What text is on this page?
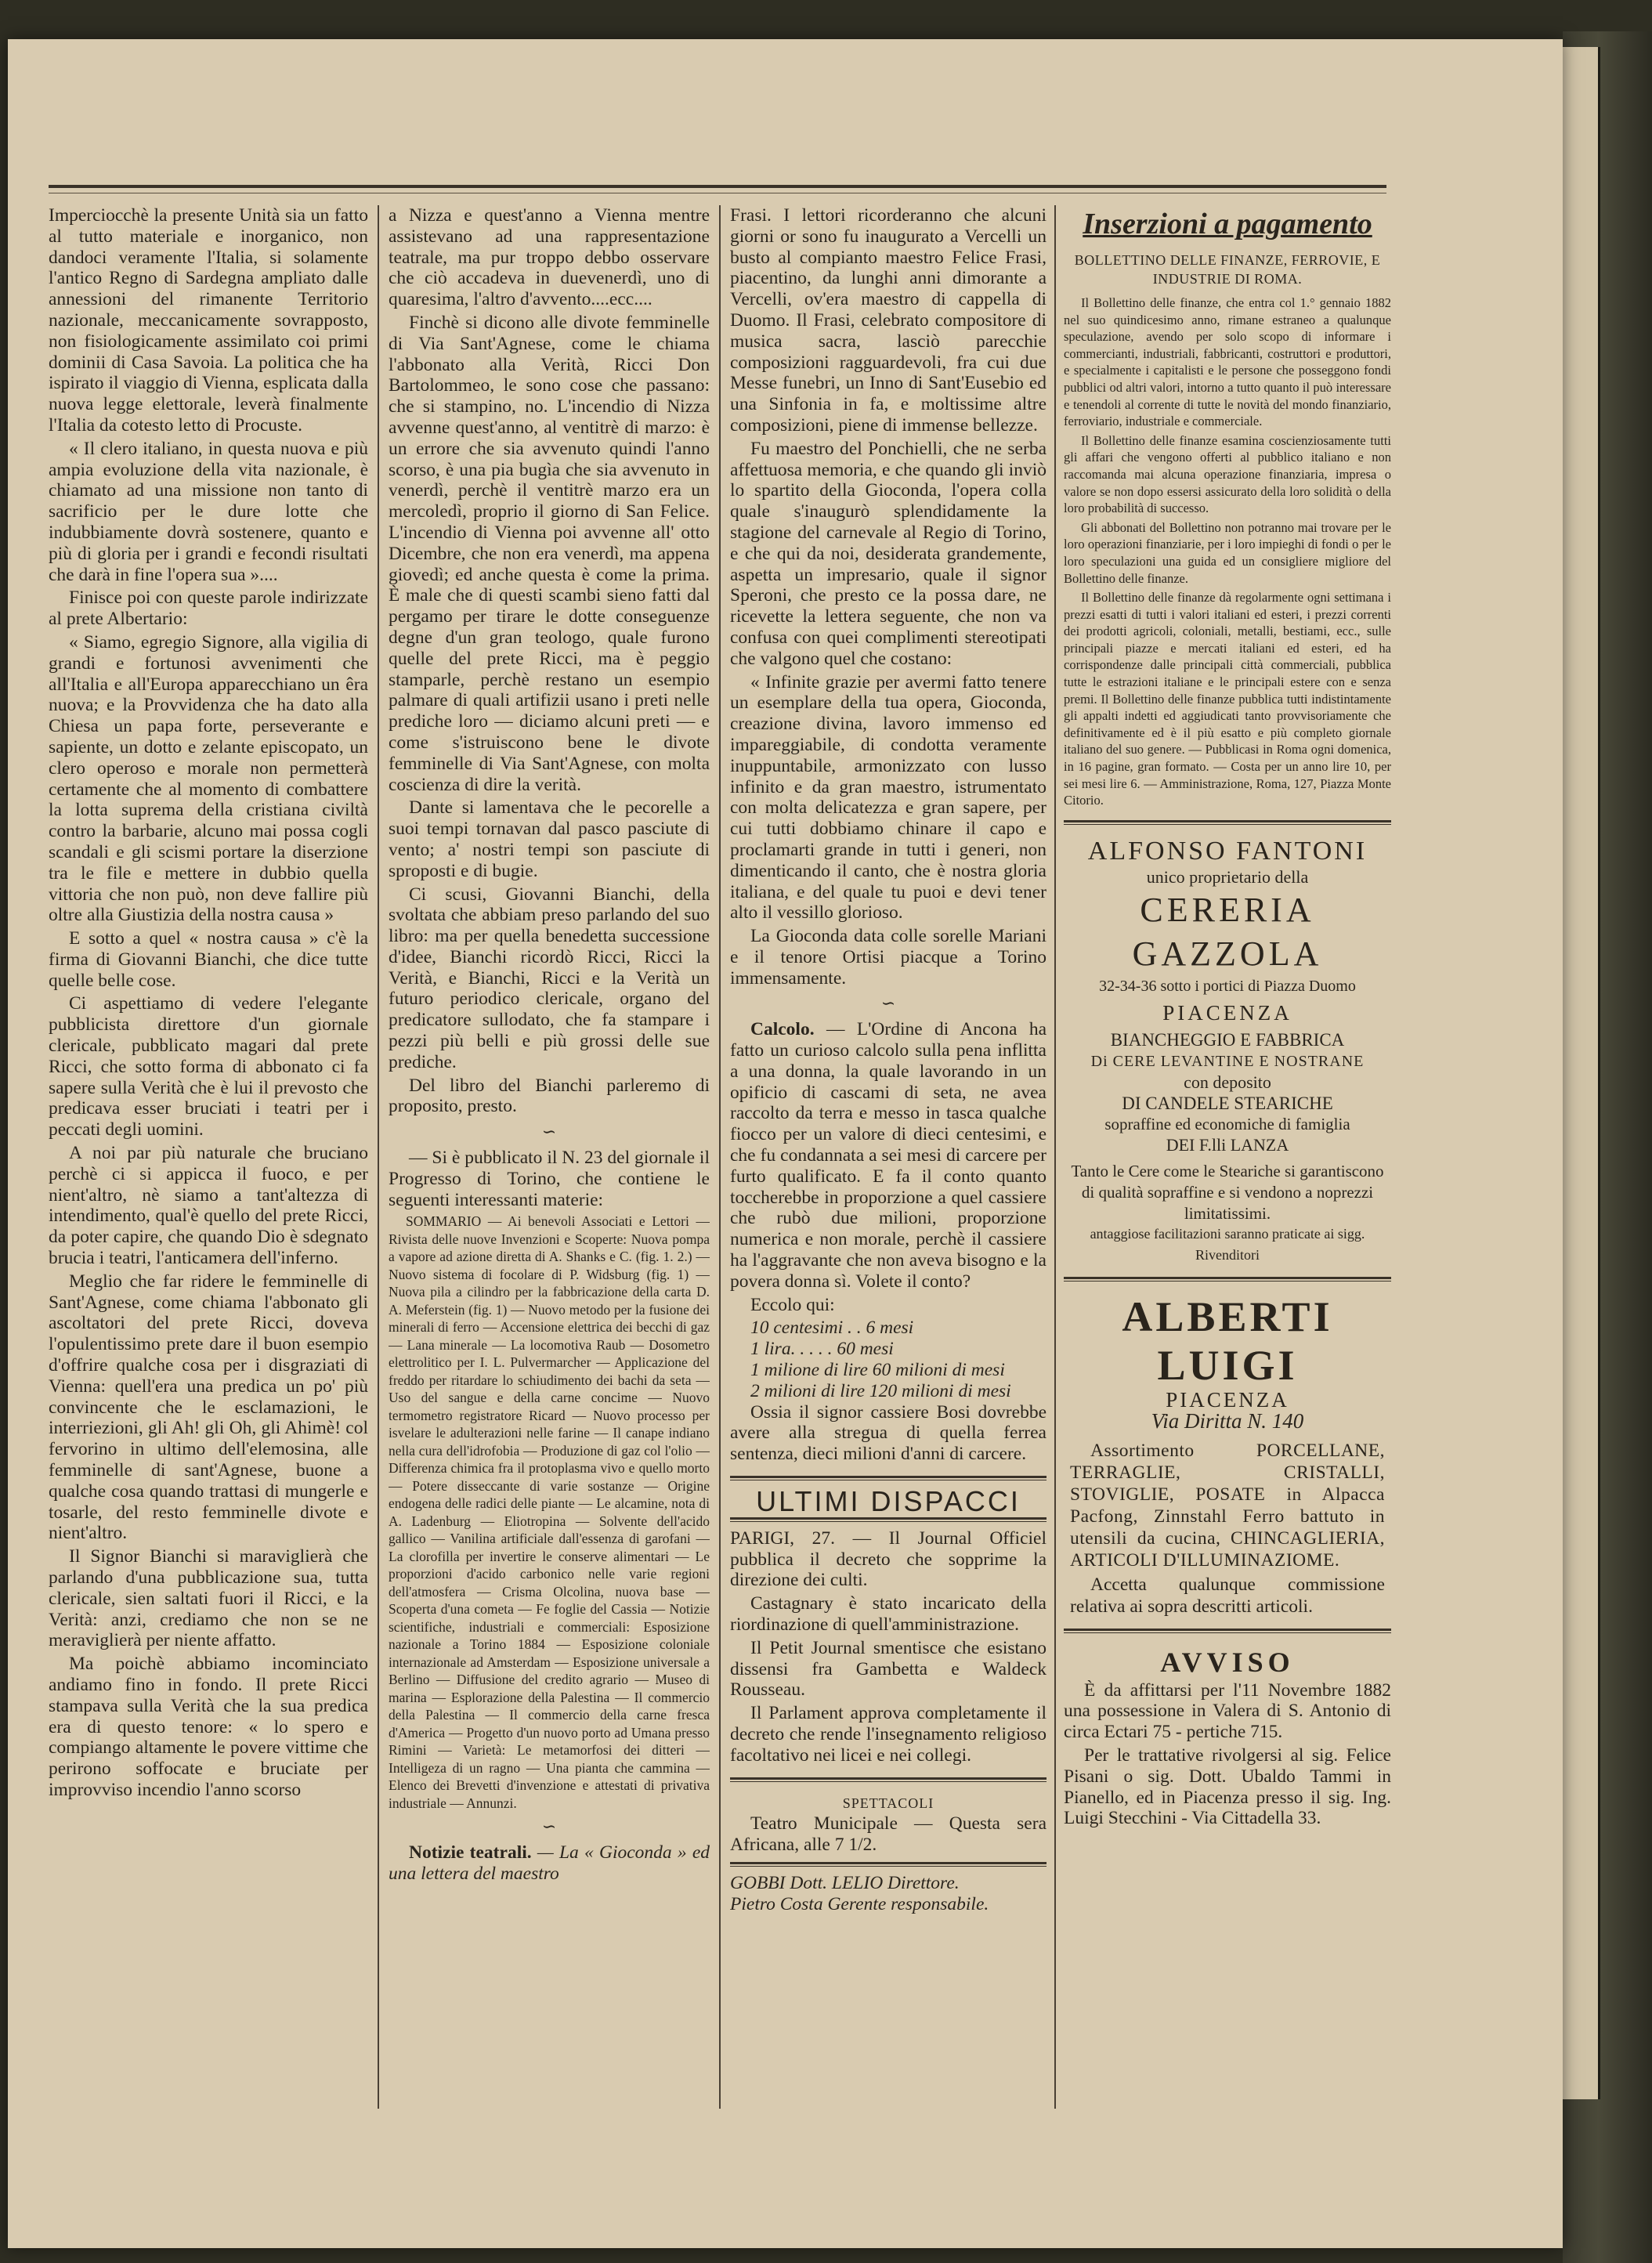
Imperciocchè la presente Unità sia un fatto al tutto materiale e inorganico, non dandoci veramente l'Italia, si solamente l'antico Regno di Sardegna ampliato dalle annessioni del rimanente Territorio nazionale, meccanicamente sovrapposto, non fisiologicamente assimilato coi primi dominii di Casa Savoia. La politica che ha ispirato il viaggio di Vienna, esplicata dalla nuova legge elettorale, leverà finalmente l'Italia da cotesto letto di Procuste.

« Il clero italiano, in questa nuova e più ampia evoluzione della vita nazionale, è chiamato ad una missione non tanto di sacrificio per le dure lotte che indubbiamente dovrà sostenere, quanto e più di gloria per i grandi e fecondi risultati che darà in fine l'opera sua »....

Finisce poi con queste parole indirizzate al prete Albertario:

« Siamo, egregio Signore, alla vigilia di grandi e fortunosi avvenimenti che all'Italia e all'Europa apparecchiano un êra nuova; e la Provvidenza che ha dato alla Chiesa un papa forte, perseverante e sapiente, un dotto e zelante episcopato, un clero operoso e morale non permetterà certamente che al momento di combattere la lotta suprema della cristiana civiltà contro la barbarie, alcuno mai possa cogli scandali e gli scismi portare la diserzione tra le file e mettere in dubbio quella vittoria che non può, non deve fallire più oltre alla Giustizia della nostra causa »

E sotto a quel « nostra causa » c'è la firma di Giovanni Bianchi, che dice tutte quelle belle cose.

Ci aspettiamo di vedere l'elegante pubblicista direttore d'un giornale clericale, pubblicato magari dal prete Ricci, che sotto forma di abbonato ci fa sapere sulla Verità che è lui il prevosto che predicava esser bruciati i teatri per i peccati degli uomini.

A noi par più naturale che bruciano perchè ci si appicca il fuoco, e per nient'altro, nè siamo a tant'altezza di intendimento, qual'è quello del prete Ricci, da poter capire, che quando Dio è sdegnato brucia i teatri, l'anticamera dell'inferno.

Meglio che far ridere le femminelle di Sant'Agnese, come chiama l'abbonato gli ascoltatori del prete Ricci, doveva l'opulentissimo prete dare il buon esempio d'offrire qualche cosa per i disgraziati di Vienna: quell'era una predica un po' più convincente che le esclamazioni, le interriezioni, gli Ah! gli Oh, gli Ahimè! col fervorino in ultimo dell'elemosina, alle femminelle di sant'Agnese, buone a qualche cosa quando trattasi di mungerle e tosarle, del resto femminelle divote e nient'altro.

Il Signor Bianchi si maraviglierà che parlando d'una pubblicazione sua, tutta clericale, sien saltati fuori il Ricci, e la Verità: anzi, crediamo che non se ne meraviglierà per niente affatto.

Ma poichè abbiamo incominciato andiamo fino in fondo. Il prete Ricci stampava sulla Verità che la sua predica era di questo tenore: « lo spero e compiango altamente le povere vittime che perirono soffocate e bruciate per improvviso incendio l'anno scorso

a Nizza e quest'anno a Vienna mentre assistevano ad una rappresentazione teatrale, ma pur troppo debbo osservare che ciò accadeva in duevenerdì, uno di quaresima, l'altro d'avvento....ecc....

Finchè si dicono alle divote femminelle di Via Sant'Agnese, come le chiama l'abbonato alla Verità, Ricci Don Bartolommeo, le sono cose che passano: che si stampino, no. L'incendio di Nizza avvenne quest'anno, al ventitrè di marzo: è un errore che sia avvenuto quindi l'anno scorso, è una pia bugìa che sia avvenuto in venerdì, perchè il ventitrè marzo era un mercoledì, proprio il giorno di San Felice. L'incendio di Vienna poi avvenne all' otto Dicembre, che non era venerdì, ma appena giovedì; ed anche questa è come la prima. È male che di questi scambi sieno fatti dal pergamo per tirare le dotte conseguenze degne d'un gran teologo, quale furono quelle del prete Ricci, ma è peggio stamparle, perchè restano un esempio palmare di quali artifizii usano i preti nelle prediche loro — diciamo alcuni preti — e come s'istruiscono bene le divote femminelle di Via Sant'Agnese, con molta coscienza di dire la verità.

Dante si lamentava che le pecorelle a suoi tempi tornavan dal pasco pasciute di vento; a' nostri tempi son pasciute di sproposti e di bugie.

Ci scusi, Giovanni Bianchi, della svoltata che abbiam preso parlando del suo libro: ma per quella benedetta successione d'idee, Bianchi ricordò Ricci, Ricci la Verità, e Bianchi, Ricci e la Verità un futuro periodico clericale, organo del predicatore sullodato, che fa stampare i pezzi più belli e più grossi delle sue prediche.

Del libro del Bianchi parleremo di proposito, presto.

∽

— Si è pubblicato il N. 23 del giornale il Progresso di Torino, che contiene le seguenti interessanti materie:

SOMMARIO — Ai benevoli Associati e Lettori — Rivista delle nuove Invenzioni e Scoperte: Nuova pompa a vapore ad azione diretta di A. Shanks e C. (fig. 1. 2.) — Nuovo sistema di focolare di P. Widsburg (fig. 1) — Nuova pila a cilindro per la fabbricazione della carta D. A. Meferstein (fig. 1) — Nuovo metodo per la fusione dei minerali di ferro — Accensione elettrica dei becchi di gaz — Lana minerale — La locomotiva Raub — Dosometro elettrolitico per I. L. Pulvermarcher — Applicazione del freddo per ritardare lo schiudimento dei bachi da seta — Uso del sangue e della carne concime — Nuovo termometro registratore Ricard — Nuovo processo per isvelare le adulterazioni nelle farine — Il canape indiano nella cura dell'idrofobia — Produzione di gaz col l'olio — Differenza chimica fra il protoplasma vivo e quello morto — Potere disseccante di varie sostanze — Origine endogena delle radici delle piante — Le alcamine, nota di A. Ladenburg — Eliotropina — Solvente dell'acido gallico — Vanilina artificiale dall'essenza di garofani — La clorofilla per invertire le conserve alimentari — Le proporzioni d'acido carbonico nelle varie regioni dell'atmosfera — Crisma Olcolina, nuova base — Scoperta d'una cometa — Fe foglie del Cassia — Notizie scientifiche, industriali e commerciali: Esposizione nazionale a Torino 1884 — Esposizione coloniale internazionale ad Amsterdam — Esposizione universale a Berlino — Diffusione del credito agrario — Museo di marina — Esplorazione della Palestina — Il commercio della Palestina — Il commercio della carne fresca d'America — Progetto d'un nuovo porto ad Umana presso Rimini — Varietà: Le metamorfosi dei ditteri — Intelligeza di un ragno — Una pianta che cammina — Elenco dei Brevetti d'invenzione e attestati di privativa industriale — Annunzi.

∽

Notizie teatrali. — La « Gioconda » ed una lettera del maestro

Frasi. I lettori ricorderanno che alcuni giorni or sono fu inaugurato a Vercelli un busto al compianto maestro Felice Frasi, piacentino, da lunghi anni dimorante a Vercelli, ov'era maestro di cappella di Duomo. Il Frasi, celebrato compositore di musica sacra, lasciò parecchie composizioni ragguardevoli, fra cui due Messe funebri, un Inno di Sant'Eusebio ed una Sinfonia in fa, e moltissime altre composizioni, piene di immense bellezze.

Fu maestro del Ponchielli, che ne serba affettuosa memoria, e che quando gli inviò lo spartito della Gioconda, l'opera colla quale s'inaugurò splendidamente la stagione del carnevale al Regio di Torino, e che qui da noi, desiderata grandemente, aspetta un impresario, quale il signor Speroni, che presto ce la possa dare, ne ricevette la lettera seguente, che non va confusa con quei complimenti stereotipati che valgono quel che costano:

« Infinite grazie per avermi fatto tenere un esemplare della tua opera, Gioconda, creazione divina, lavoro immenso ed impareggiabile, di condotta veramente inuppuntabile, armonizzato con lusso infinito e da gran maestro, istrumentato con molta delicatezza e gran sapere, per cui tutti dobbiamo chinare il capo e proclamarti grande in tutti i generi, non dimenticando il canto, che è nostra gloria italiana, e del quale tu puoi e devi tener alto il vessillo glorioso.

La Gioconda data colle sorelle Mariani e il tenore Ortisi piacque a Torino immensamente.

∽

Calcolo. — L'Ordine di Ancona ha fatto un curioso calcolo sulla pena inflitta a una donna, la quale lavorando in un opificio di cascami di seta, ne avea raccolto da terra e messo in tasca qualche fiocco per un valore di dieci centesimi, e che fu condannata a sei mesi di carcere per furto qualificato. E fa il conto quanto toccherebbe in proporzione a quel cassiere che rubò due milioni, proporzione numerica e non morale, perchè il cassiere ha l'aggravante che non aveva bisogno e la povera donna sì. Volete il conto?

Eccolo qui:

10 centesimi . . 6 mesi
1 lira. . . . . 60 mesi
1 milione di lire 60 milioni di mesi
2 milioni di lire 120 milioni di mesi

Ossia il signor cassiere Bosi dovrebbe avere alla stregua di quella ferrea sentenza, dieci milioni d'anni di carcere.

ULTIMI DISPACCI

PARIGI, 27. — Il Journal Officiel pubblica il decreto che sopprime la direzione dei culti.

Castagnary è stato incaricato della riordinazione di quell'amministrazione.

Il Petit Journal smentisce che esistano dissensi fra Gambetta e Waldeck Rousseau.

Il Parlament approva completamente il decreto che rende l'insegnamento religioso facoltativo nei licei e nei collegi.

SPETTACOLI

Teatro Municipale — Questa sera Africana, alle 7 1/2.

GOBBI Dott. LELIO Direttore.
Pietro Costa Gerente responsabile.
Inserzioni a pagamento
BOLLETTINO DELLE FINANZE, FERROVIE, E INDUSTRIE DI ROMA.

Il Bollettino delle finanze, che entra col 1.° gennaio 1882 nel suo quindicesimo anno, rimane estraneo a qualunque speculazione, avendo per solo scopo di informare i commercianti, industriali, fabbricanti, costruttori e produttori, e specialmente i capitalisti e le persone che posseggono fondi pubblici od altri valori, intorno a tutto quanto il può interessare e tenendoli al corrente di tutte le novità del mondo finanziario, ferroviario, industriale e commerciale.

Il Bollettino delle finanze esamina coscienziosamente tutti gli affari che vengono offerti al pubblico italiano e non raccomanda mai alcuna operazione finanziaria, impresa o valore se non dopo essersi assicurato della loro solidità o della loro probabilità di successo.

Gli abbonati del Bollettino non potranno mai trovare per le loro operazioni finanziarie, per i loro impieghi di fondi o per le loro speculazioni una guida ed un consigliere migliore del Bollettino delle finanze.

Il Bollettino delle finanze dà regolarmente ogni settimana i prezzi esatti di tutti i valori italiani ed esteri, i prezzi correnti dei prodotti agricoli, coloniali, metalli, bestiami, ecc., sulle principali piazze e mercati italiani ed esteri, ed ha corrispondenze dalle principali città commerciali, pubblica tutte le estrazioni italiane e le principali estere con e senza premi. Il Bollettino delle finanze pubblica tutti indistintamente gli appalti indetti ed aggiudicati tanto provvisoriamente che definitivamente ed è il più esatto e più completo giornale italiano del suo genere. — Pubblicasi in Roma ogni domenica, in 16 pagine, gran formato. — Costa per un anno lire 10, per sei mesi lire 6. — Amministrazione, Roma, 127, Piazza Monte Citorio.

ALFONSO FANTONI
unico proprietario della
CERERIA GAZZOLA
32-34-36 sotto i portici di Piazza Duomo
PIACENZA
BIANCHEGGIO E FABBRICA
Di CERE LEVANTINE E NOSTRANE
con deposito
DI CANDELE STEARICHE
sopraffine ed economiche di famiglia
DEI F.lli LANZA
Tanto le Cere come le Steariche si garantiscono di qualità sopraffine e si vendono a noprezzi limitatissimi.
antaggiose facilitazioni saranno praticate ai sigg. Rivenditori
ALBERTI LUIGI
PIACENZA
Via Diritta N. 140

Assortimento PORCELLANE, TERRAGLIE, CRISTALLI, STOVIGLIE, POSATE in Alpacca Pacfong, Zinnstahl Ferro battuto in utensili da cucina, CHINCAGLIERIA, ARTICOLI D'ILLUMINAZIOME.

Accetta qualunque commissione relativa ai sopra descritti articoli.

AVVISO

È da affittarsi per l'11 Novembre 1882 una possessione in Valera di S. Antonio di circa Ectari 75 - pertiche 715.

Per le trattative rivolgersi al sig. Felice Pisani o sig. Dott. Ubaldo Tammi in Pianello, ed in Piacenza presso il sig. Ing. Luigi Stecchini - Via Cittadella 33.
